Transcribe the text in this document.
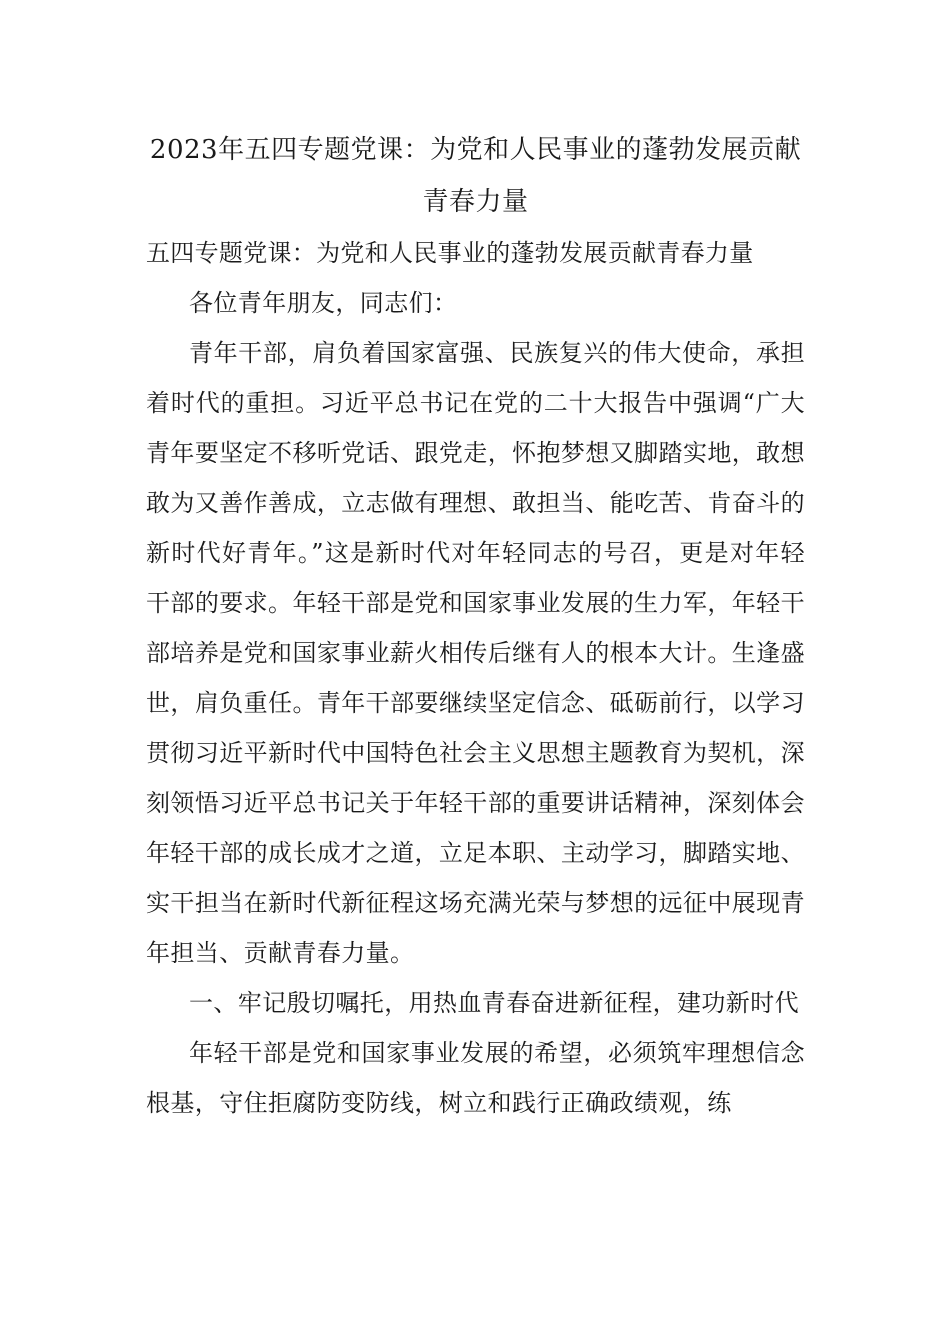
2023年五四专题党课：为党和人民事业的蓬勃发展贡献青春力量

五四专题党课：为党和人民事业的蓬勃发展贡献青春力量

各位青年朋友，同志们：

青年干部，肩负着国家富强、民族复兴的伟大使命，承担着时代的重担。习近平总书记在党的二十大报告中强调“广大青年要坚定不移听党话、跟党走，怀抱梦想又脚踏实地，敢想敢为又善作善成，立志做有理想、敢担当、能吃苦、肯奋斗的新时代好青年。”这是新时代对年轻同志的号召，更是对年轻干部的要求。年轻干部是党和国家事业发展的生力军，年轻干部培养是党和国家事业薪火相传后继有人的根本大计。生逢盛世，肩负重任。青年干部要继续坚定信念、砥砺前行，以学习贯彻习近平新时代中国特色社会主义思想主题教育为契机，深刻领悟习近平总书记关于年轻干部的重要讲话精神，深刻体会年轻干部的成长成才之道，立足本职、主动学习，脚踏实地、实干担当在新时代新征程这场充满光荣与梦想的远征中展现青年担当、贡献青春力量。

一、牢记殷切嘱托，用热血青春奋进新征程，建功新时代

年轻干部是党和国家事业发展的希望，必须筑牢理想信念根基，守住拒腐防变防线，树立和践行正确政绩观，练
